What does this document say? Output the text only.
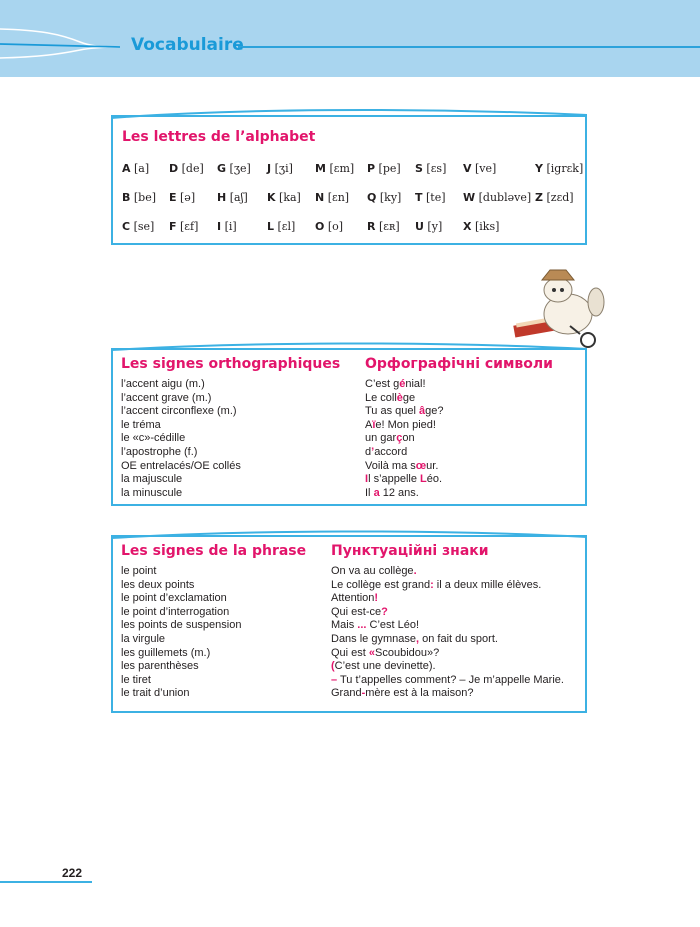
Vocabulaire
Les lettres de l’alphabet
A [a] D [de] G [ʒe] J [ʒi] M [ɛm] P [pe] S [ɛs] V [ve]	Y [igrɛk]
B [be] E [ə] H [aʃ] K [ka] N [ɛn] Q [ky] T [te] W [dubləve] Z [zɛd]
C [se] F [ɛf] I [i]	L [ɛl] O [o] R [ɛʀ] U [y] X [iks]
Les signes orthographiques Орфографічні символи
l’accent aigu (m.)
l’accent grave (m.)
l’accent circonflexe (m.)
le tréma
le «c»-cédille
l’apostrophe (f.)
OE entrelacés/OE collés
la majuscule
la minuscule
C’est génial!
Le collège
Tu as quel âge?
Aïe! Mon pied!
un garçon
d’accord
Voilà ma sœur.
Il s’appelle Léo.
Il a 12 ans.
Les signes de la phrase Пунктуаційні знаки
le point
les deux points
le point d’exclamation
le point d’interrogation
les points de suspension
la virgule
les guillemets (m.)
les parenthèses
le tiret
le trait d’union
On va au collège.
Le collège est grand: il a deux mille élèves.
Attention!
Qui est-ce?
Mais ... C’est Léo!
Dans le gymnase, on fait du sport.
Qui est «Scoubidou»?
(C’est une devinette).
– Tu t’appelles comment? – Je m’appelle Marie.
Grand-mère est à la maison?
222
